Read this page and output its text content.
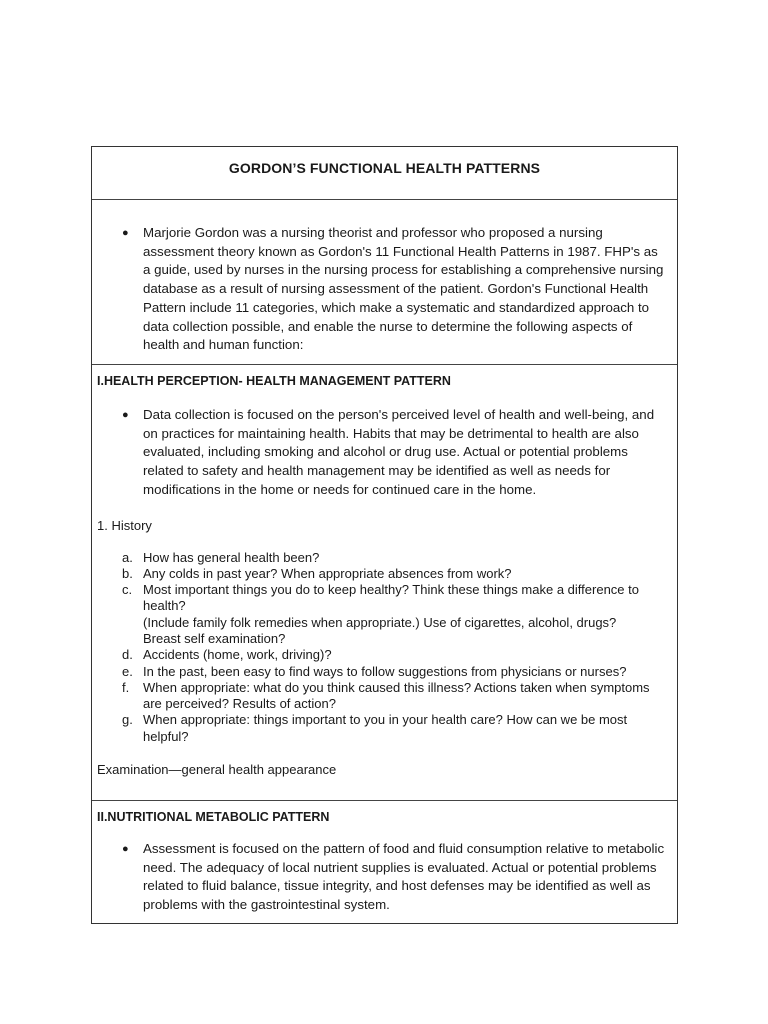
GORDON’S FUNCTIONAL HEALTH PATTERNS
●	Marjorie Gordon was a nursing theorist and professor who proposed a nursing assessment theory known as Gordon's 11 Functional Health Patterns in 1987. FHP's as a guide, used by nurses in the nursing process for establishing a comprehensive nursing database as a result of nursing assessment of the patient. Gordon's Functional Health Pattern include 11 categories, which make a systematic and standardized approach to data collection possible, and enable the nurse to determine the following aspects of health and human function:
I.HEALTH PERCEPTION- HEALTH MANAGEMENT PATTERN
●	Data collection is focused on the person's perceived level of health and well-being, and on practices for maintaining health. Habits that may be detrimental to health are also evaluated, including smoking and alcohol or drug use. Actual or potential problems related to safety and health management may be identified as well as needs for modifications in the home or needs for continued care in the home.
1. History
a. How has general health been?
b. Any colds in past year? When appropriate absences from work?
c. Most important things you do to keep healthy? Think these things make a difference to health?
(Include family folk remedies when appropriate.) Use of cigarettes, alcohol, drugs?
Breast self examination?
d. Accidents (home, work, driving)?
e. In the past, been easy to find ways to follow suggestions from physicians or nurses?
f.	When appropriate: what do you think caused this illness? Actions taken when symptoms are perceived? Results of action?
g. When appropriate: things important to you in your health care? How can we be most helpful?
Examination—general health appearance
II.NUTRITIONAL METABOLIC PATTERN
●	Assessment is focused on the pattern of food and fluid consumption relative to metabolic need. The adequacy of local nutrient supplies is evaluated. Actual or potential problems related to fluid balance, tissue integrity, and host defenses may be identified as well as problems with the gastrointestinal system.
